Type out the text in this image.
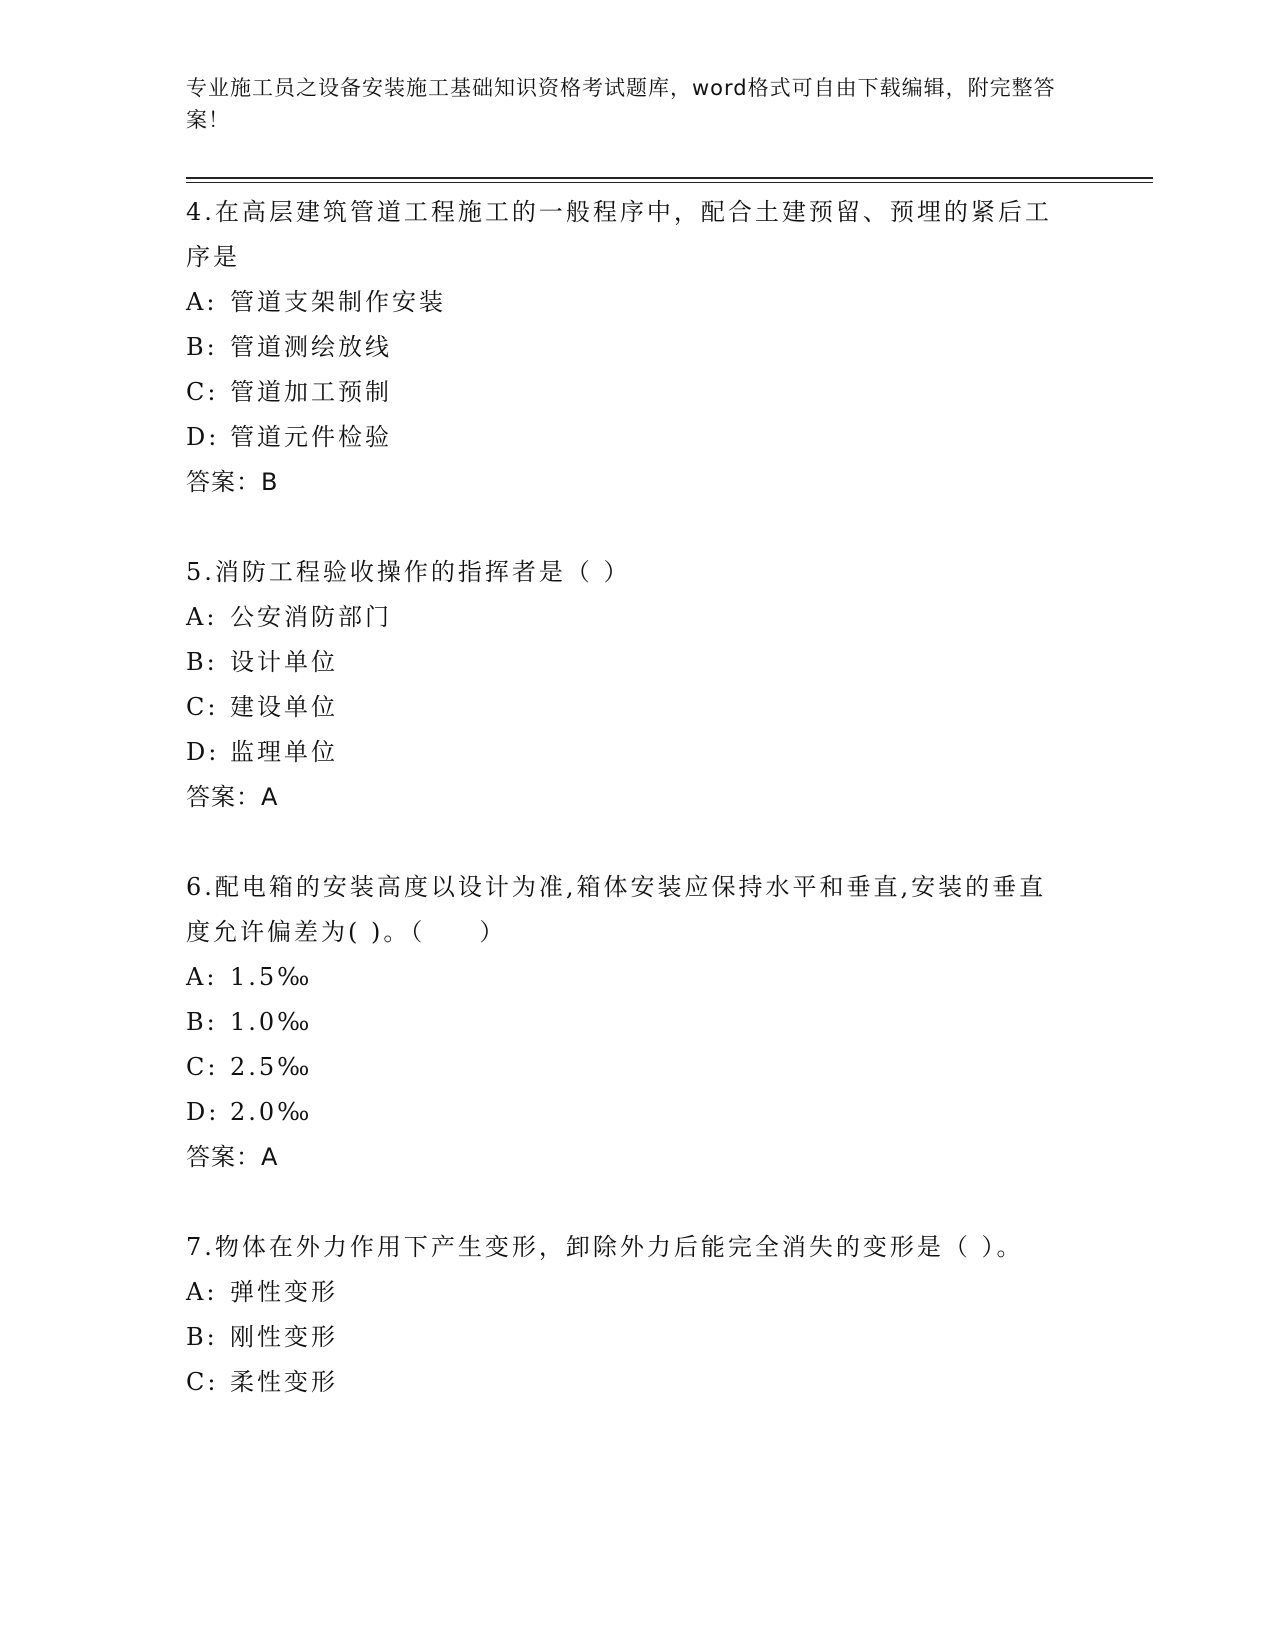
专业施工员之设备安装施工基础知识资格考试题库，word格式可自由下载编辑，附完整答案！
4.在高层建筑管道工程施工的一般程序中，配合土建预留、预埋的紧后工序是
A: 管道支架制作安装
B: 管道测绘放线
C: 管道加工预制
D: 管道元件检验
答案：B
5.消防工程验收操作的指挥者是（ ）
A: 公安消防部门
B: 设计单位
C: 建设单位
D: 监理单位
答案：A
6.配电箱的安装高度以设计为准,箱体安装应保持水平和垂直,安装的垂直度允许偏差为( )。（　　）
A: 1.5‰
B: 1.0‰
C: 2.5‰
D: 2.0‰
答案：A
7.物体在外力作用下产生变形，卸除外力后能完全消失的变形是（ ）。
A: 弹性变形
B: 刚性变形
C: 柔性变形
